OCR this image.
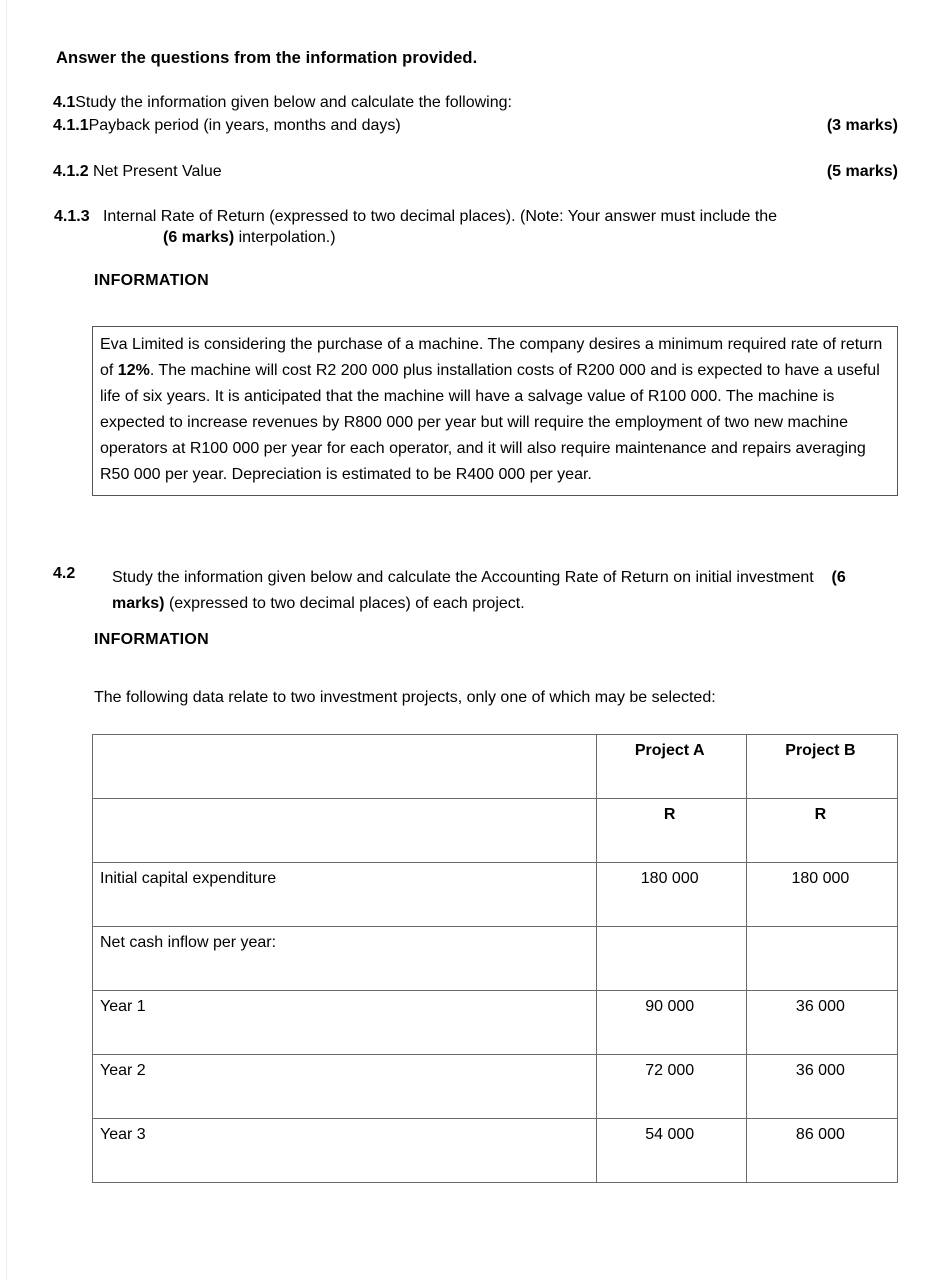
Answer the questions from the information provided.
4.1Study the information given below and calculate the following:
4.1.1Payback period (in years, months and days)	(3 marks)
4.1.2 Net Present Value	(5 marks)
4.1.3 Internal Rate of Return (expressed to two decimal places). (Note: Your answer must include the
(6 marks) interpolation.)
INFORMATION
Eva Limited is considering the purchase of a machine. The company desires a minimum required rate of return of 12%. The machine will cost R2 200 000 plus installation costs of R200 000 and is expected to have a useful life of six years. It is anticipated that the machine will have a salvage value of R100 000. The machine is expected to increase revenues by R800 000 per year but will require the employment of two new machine operators at R100 000 per year for each operator, and it will also require maintenance and repairs averaging R50 000 per year. Depreciation is estimated to be R400 000 per year.
4.2 Study the information given below and calculate the Accounting Rate of Return on initial investment (6 marks) (expressed to two decimal places) of each project.
INFORMATION
The following data relate to two investment projects, only one of which may be selected:
	Project A	Project B
	R	R
Initial capital expenditure	180 000	180 000
Net cash inflow per year:		
Year 1	90 000	36 000
Year 2	72 000	36 000
Year 3	54 000	86 000
